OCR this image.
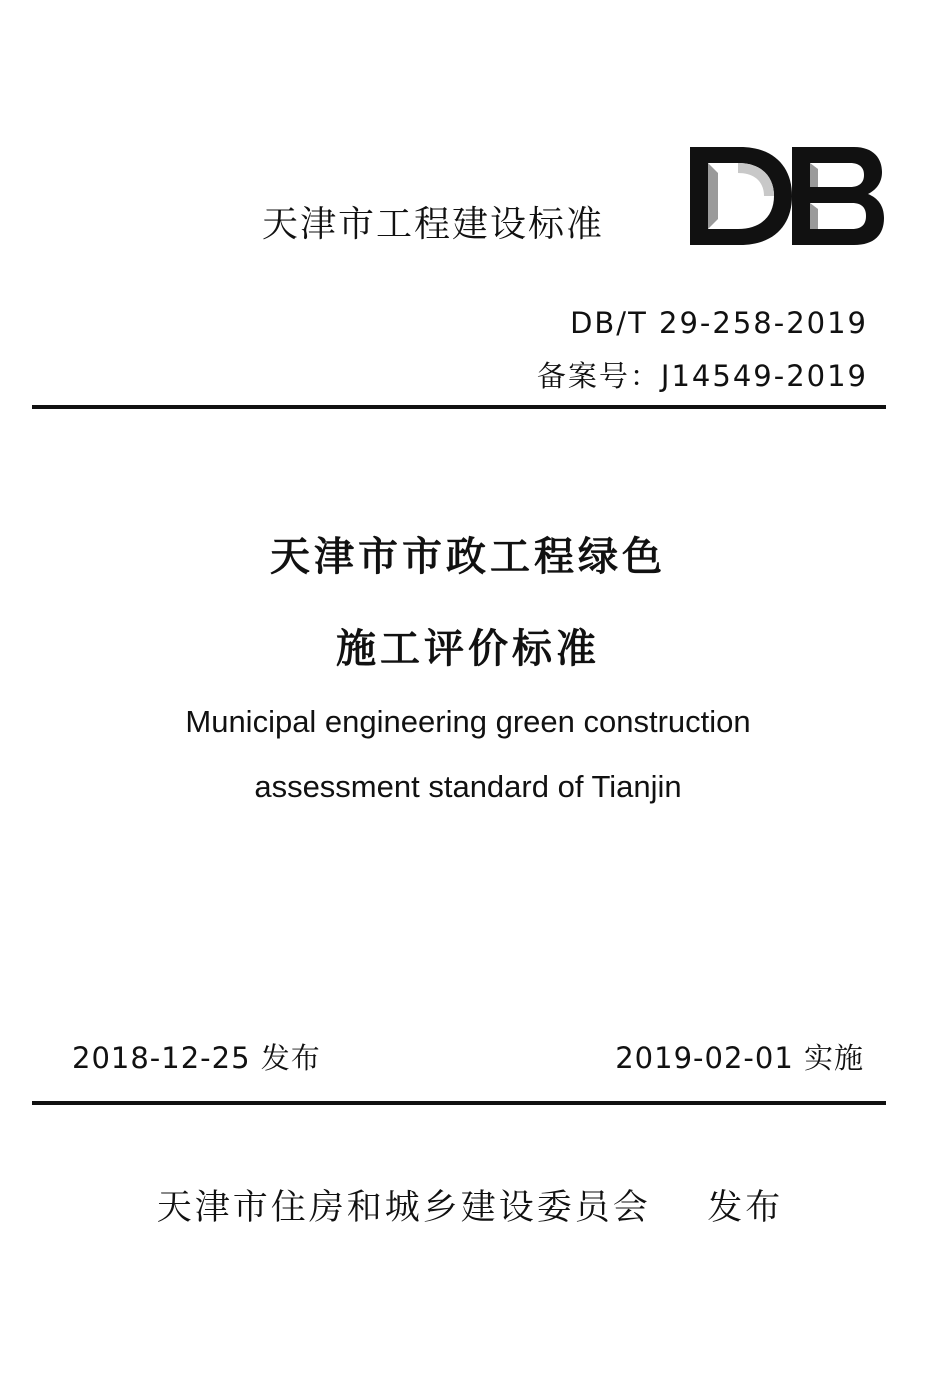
天津市工程建设标准
DB/T 29-258-2019
备案号：J14549-2019
天津市市政工程绿色
施工评价标准
Municipal engineering green construction
assessment standard of Tianjin
2018-12-25 发布	2019-02-01 实施
天津市住房和城乡建设委员会    发布
